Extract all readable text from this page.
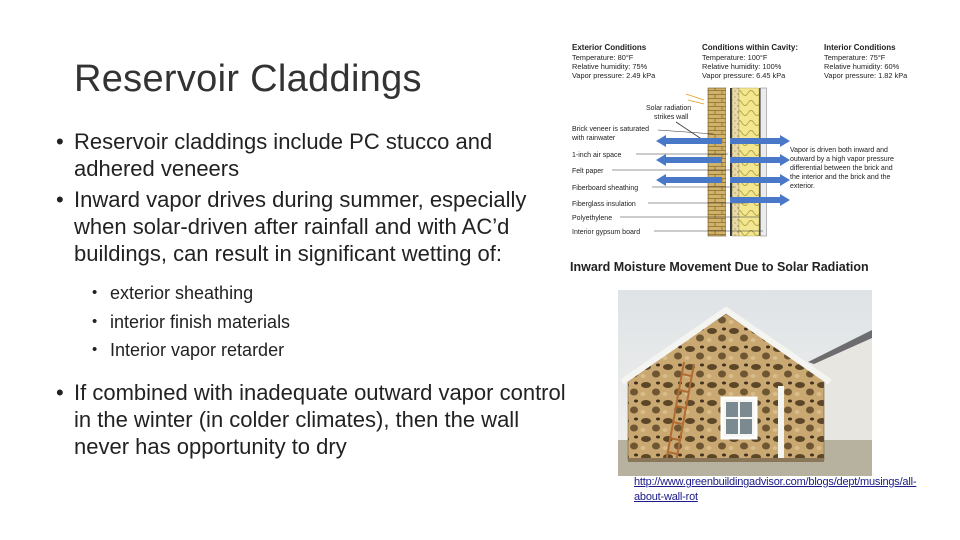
Reservoir Claddings
• Reservoir claddings include PC stucco and adhered veneers
• Inward vapor drives during summer, especially when solar-driven after rainfall and with AC’d buildings, can result in significant wetting of:
• exterior sheathing
• interior finish materials
• Interior vapor retarder
• If combined with inadequate outward vapor control in the winter (in colder climates), then the wall never has opportunity to dry
Exterior Conditions
Temperature: 80°F
Relative humidity: 75%
Vapor pressure: 2.49 kPa
Conditions within Cavity:
Temperature: 100°F
Relative humidity: 100%
Vapor pressure: 6.45 kPa
Interior Conditions
Temperature: 75°F
Relative humidity: 60%
Vapor pressure: 1.82 kPa
Solar radiation
strikes wall
Brick veneer is saturated
with rainwater
1-inch air space
Felt paper
Fiberboard sheathing
Fiberglass insulation
Polyethylene
Interior gypsum board
Vapor is driven both inward and
outward by a high vapor pressure
differential between the brick and
the interior and the brick and the
exterior.
Inward Moisture Movement Due to Solar Radiation
http://www.greenbuildingadvisor.com/blogs/dept/musings/all-about-wall-rot
